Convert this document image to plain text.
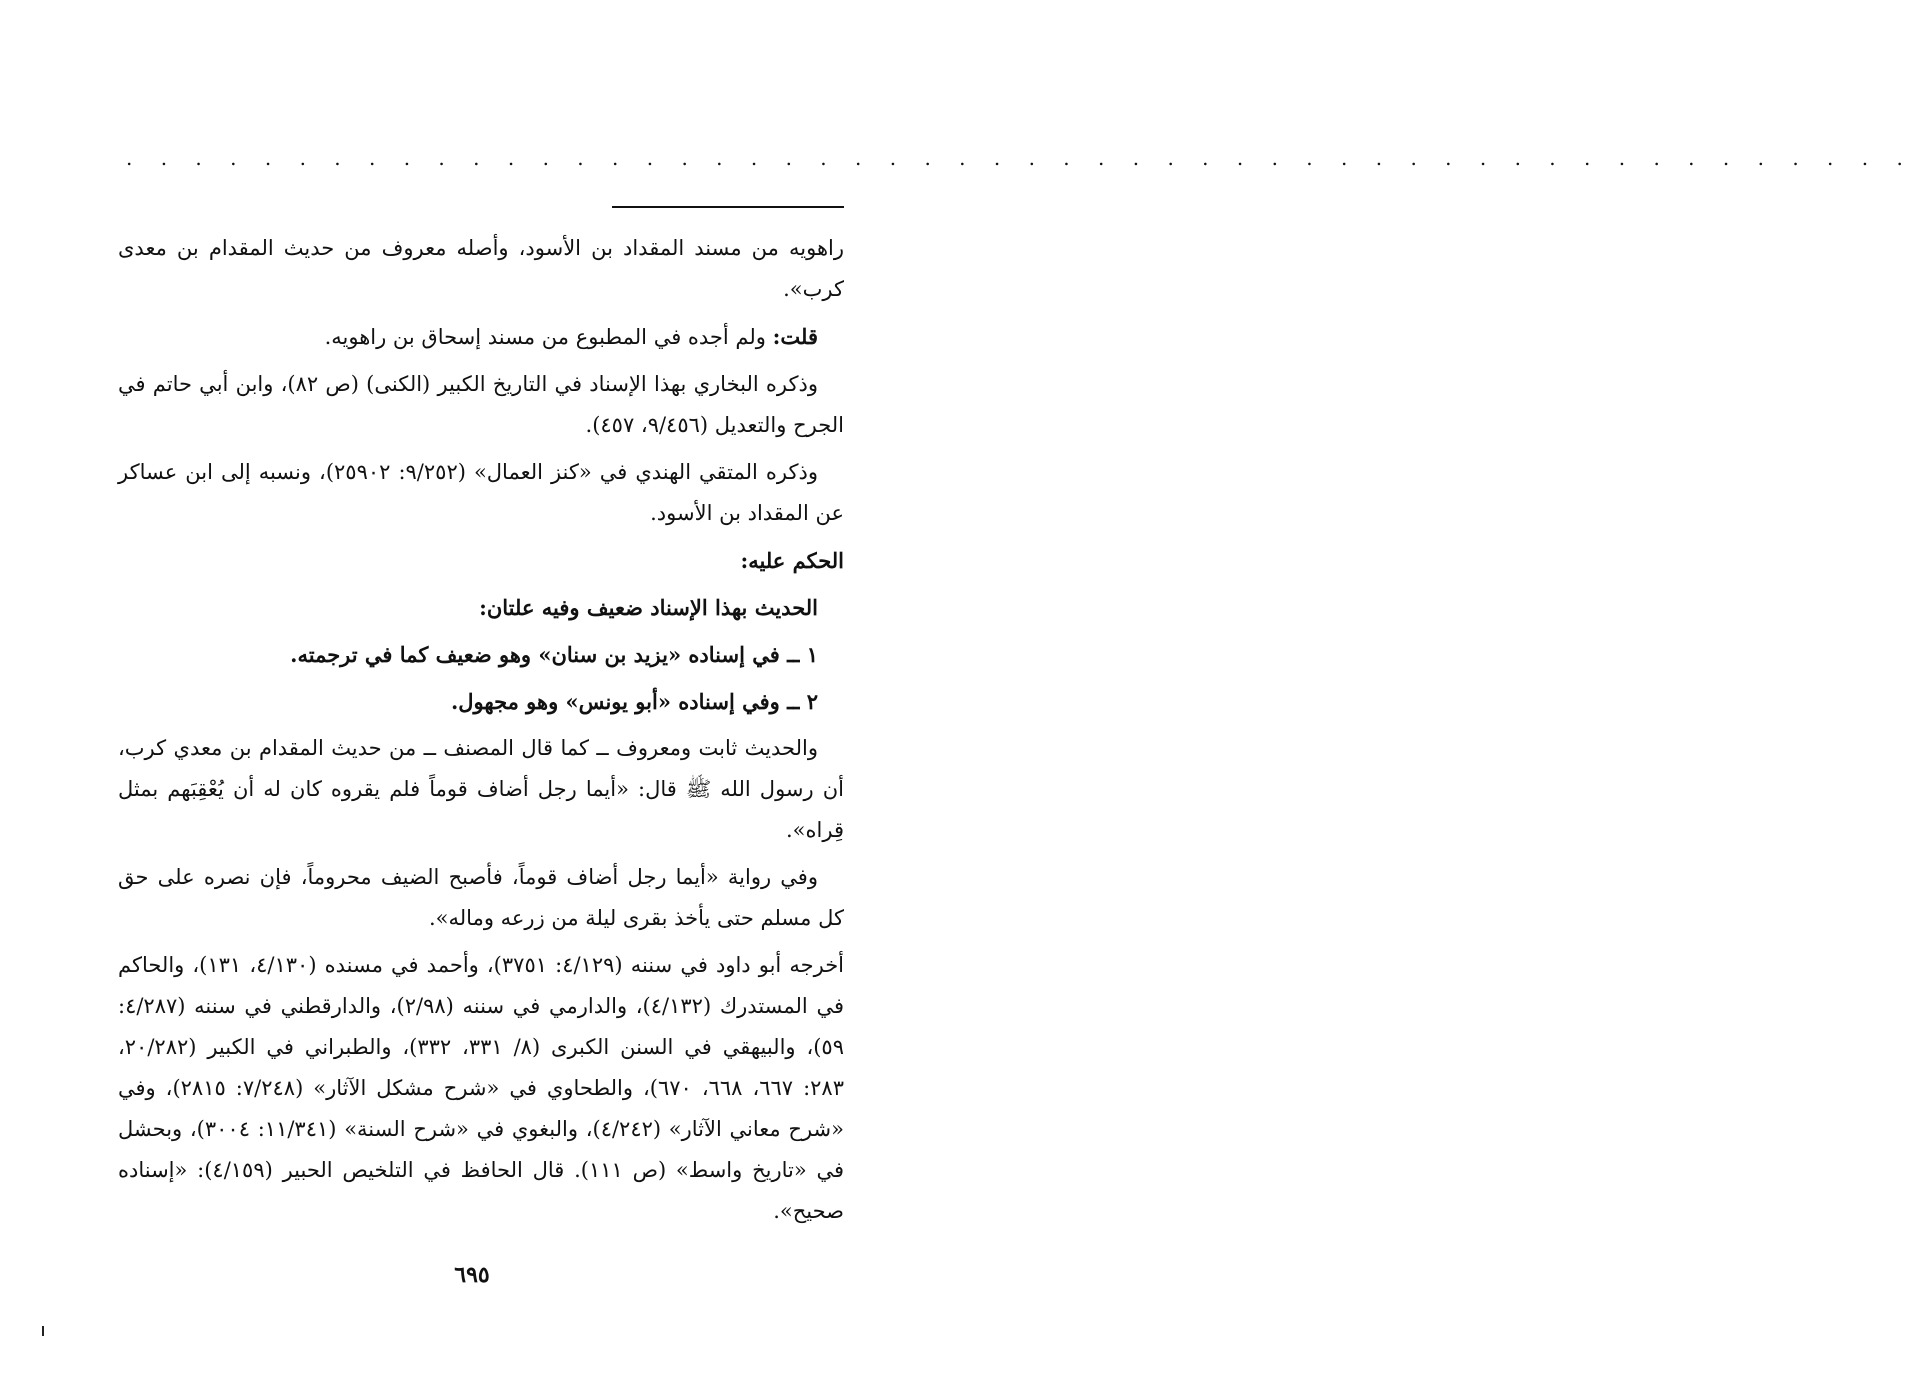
. . . . . . . . . . . . . . . . . . . . . . . . . . . . . . . . . . . . . . . . . . . . . . . . . . . .

راهويه من مسند المقداد بن الأسود، وأصله معروف من حديث المقدام بن معدى كرب».

قلت: ولم أجده في المطبوع من مسند إسحاق بن راهويه.

وذكره البخاري بهذا الإسناد في التاريخ الكبير (الكنى) (ص ٨٢)، وابن أبي حاتم في الجرح والتعديل (٩/٤٥٦، ٤٥٧).

وذكره المتقي الهندي في «كنز العمال» (٩/٢٥٢: ٢٥٩٠٢)، ونسبه إلى ابن عساكر عن المقداد بن الأسود.

الحكم عليه:

الحديث بهذا الإسناد ضعيف وفيه علتان:

١ ــ في إسناده «يزيد بن سنان» وهو ضعيف كما في ترجمته.

٢ ــ وفي إسناده «أبو يونس» وهو مجهول.

والحديث ثابت ومعروف ــ كما قال المصنف ــ من حديث المقدام بن معدي كرب، أن رسول الله ﷺ قال: «أيما رجل أضاف قوماً فلم يقروه كان له أن يُعْقِبَهم بمثل قِراه».

وفي رواية «أيما رجل أضاف قوماً، فأصبح الضيف محروماً، فإن نصره على حق كل مسلم حتى يأخذ بقرى ليلة من زرعه وماله».

أخرجه أبو داود في سننه (٤/١٢٩: ٣٧٥١)، وأحمد في مسنده (٤/١٣٠، ١٣١)، والحاكم في المستدرك (٤/١٣٢)، والدارمي في سننه (٢/٩٨)، والدارقطني في سننه (٤/٢٨٧: ٥٩)، والبيهقي في السنن الكبرى (٨/ ٣٣١، ٣٣٢)، والطبراني في الكبير (٢٠/٢٨٢، ٢٨٣: ٦٦٧، ٦٦٨، ٦٧٠)، والطحاوي في «شرح مشكل الآثار» (٧/٢٤٨: ٢٨١٥)، وفي «شرح معاني الآثار» (٤/٢٤٢)، والبغوي في «شرح السنة» (١١/٣٤١: ٣٠٠٤)، وبحشل في «تاريخ واسط» (ص ١١١). قال الحافظ في التلخيص الحبير (٤/١٥٩): «إسناده صحيح».

٦٩٥
